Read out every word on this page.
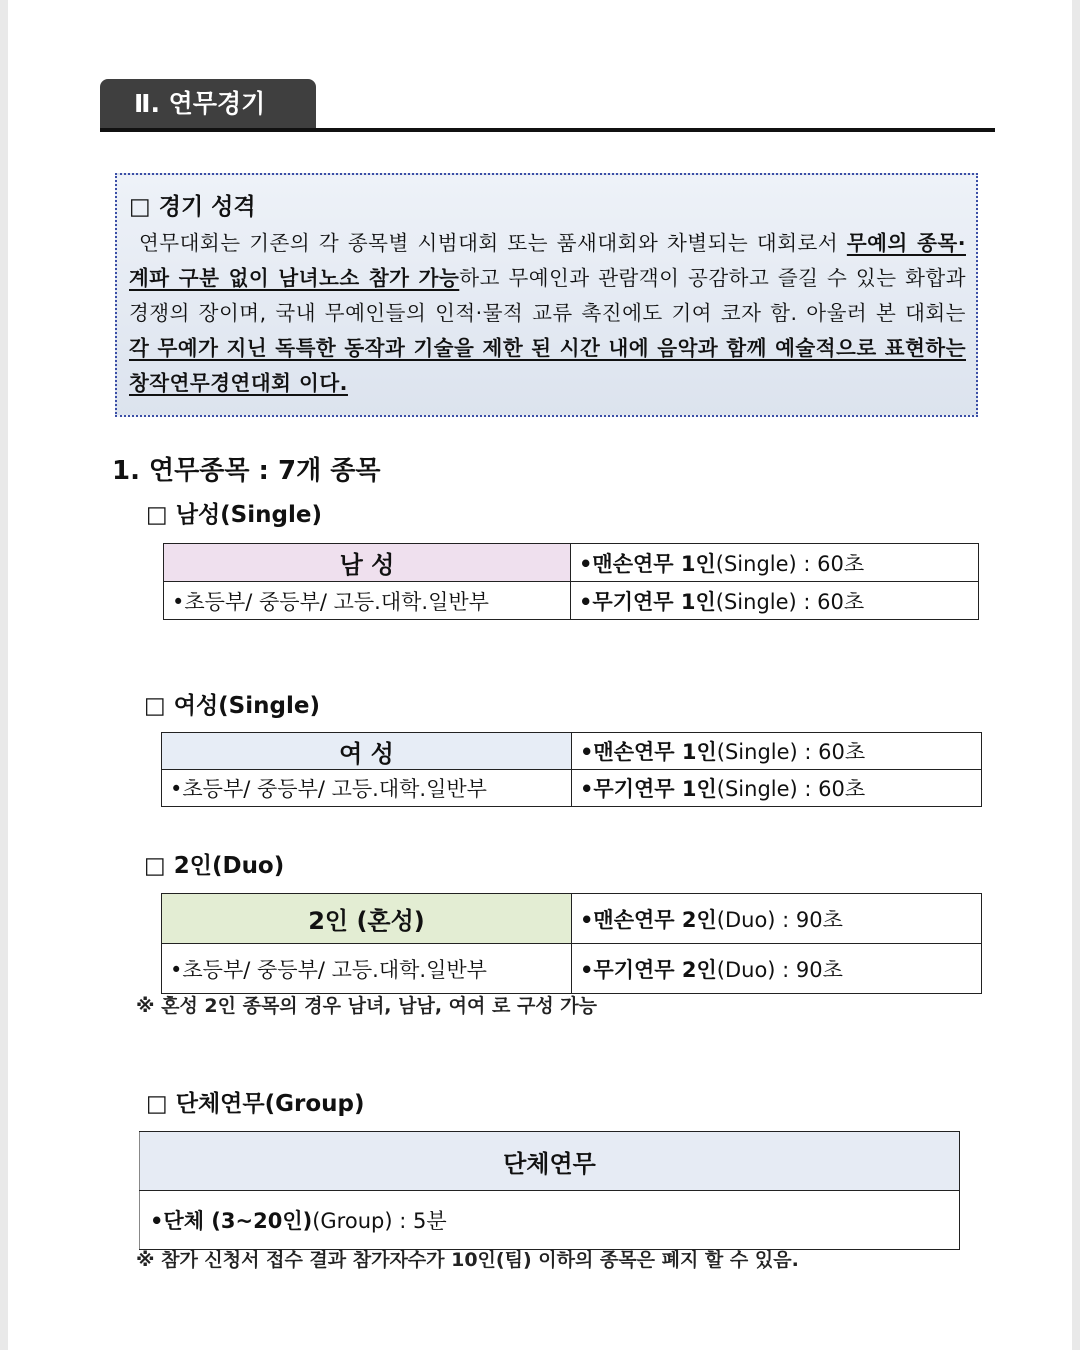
Ⅱ. 연무경기
□ 경기 성격
연무대회는 기존의 각 종목별 시범대회 또는 품새대회와 차별되는 대회로서 무예의 종목·계파 구분 없이 남녀노소 참가 가능하고 무예인과 관람객이 공감하고 즐길 수 있는 화합과 경쟁의 장이며, 국내 무예인들의 인적·물적 교류 촉진에도 기여 코자 함. 아울러 본 대회는 각 무예가 지닌 독특한 동작과 기술을 제한 된 시간 내에 음악과 함께 예술적으로 표현하는 창작연무경연대회 이다.
1. 연무종목 : 7개 종목
□ 남성(Single)
남 성	•맨손연무 1인(Single) : 60초
•초등부/ 중등부/ 고등.대학.일반부	•무기연무 1인(Single) : 60초
□ 여성(Single)
여 성	•맨손연무 1인(Single) : 60초
•초등부/ 중등부/ 고등.대학.일반부	•무기연무 1인(Single) : 60초
□ 2인(Duo)
2인 (혼성)	•맨손연무 2인(Duo) : 90초
•초등부/ 중등부/ 고등.대학.일반부	•무기연무 2인(Duo) : 90초
※ 혼성 2인 종목의 경우 남녀, 남남, 여여 로 구성 가능
□ 단체연무(Group)
단체연무
•단체 (3~20인)(Group) : 5분
※ 참가 신청서 접수 결과 참가자수가 10인(팀) 이하의 종목은 폐지 할 수 있음.
